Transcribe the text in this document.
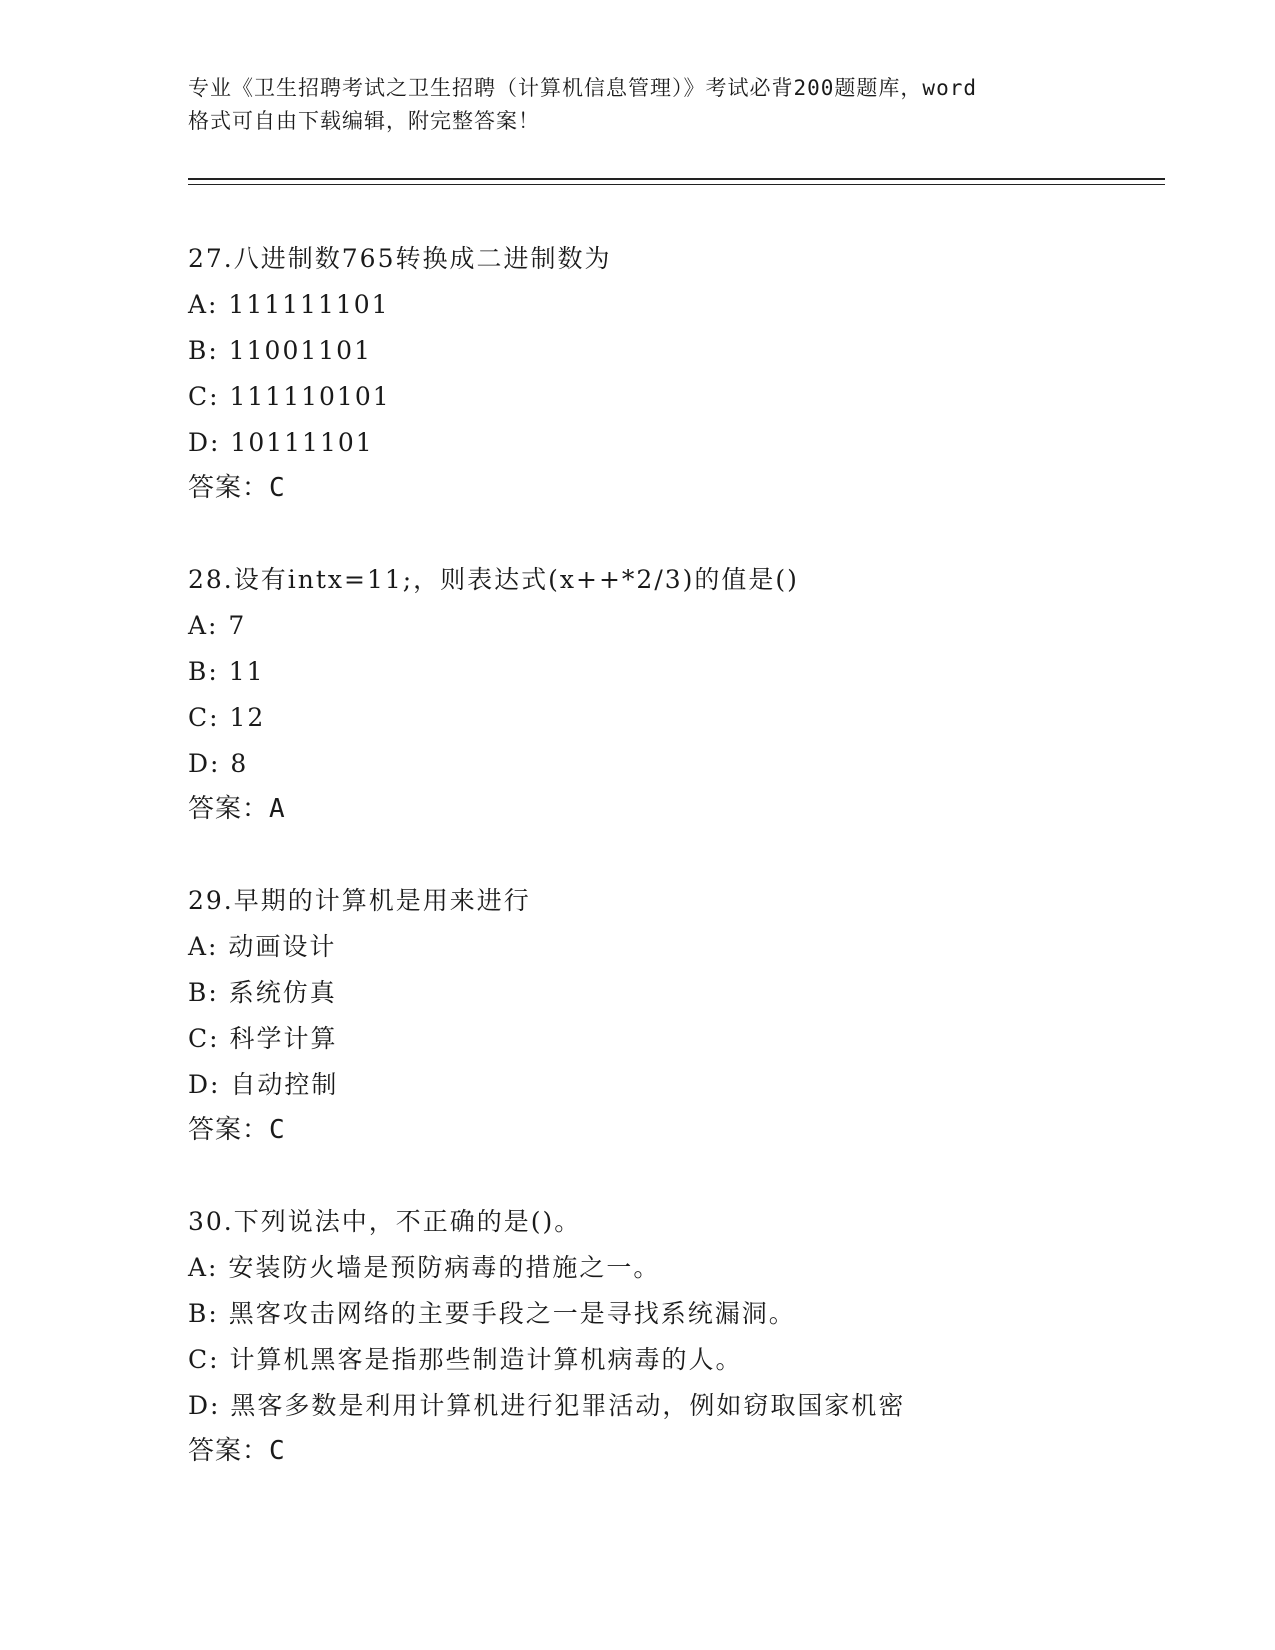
专业《卫生招聘考试之卫生招聘（计算机信息管理）》考试必背200题题库，word
格式可自由下载编辑，附完整答案！
27.八进制数765转换成二进制数为
A: 111111101
B: 11001101
C: 111110101
D: 10111101
答案：C
28.设有intx=11;，则表达式(x++*2/3)的值是()
A: 7
B: 11
C: 12
D: 8
答案：A
29.早期的计算机是用来进行
A: 动画设计
B: 系统仿真
C: 科学计算
D: 自动控制
答案：C
30.下列说法中，不正确的是()。
A: 安装防火墙是预防病毒的措施之一。
B: 黑客攻击网络的主要手段之一是寻找系统漏洞。
C: 计算机黑客是指那些制造计算机病毒的人。
D: 黑客多数是利用计算机进行犯罪活动，例如窃取国家机密
答案：C
